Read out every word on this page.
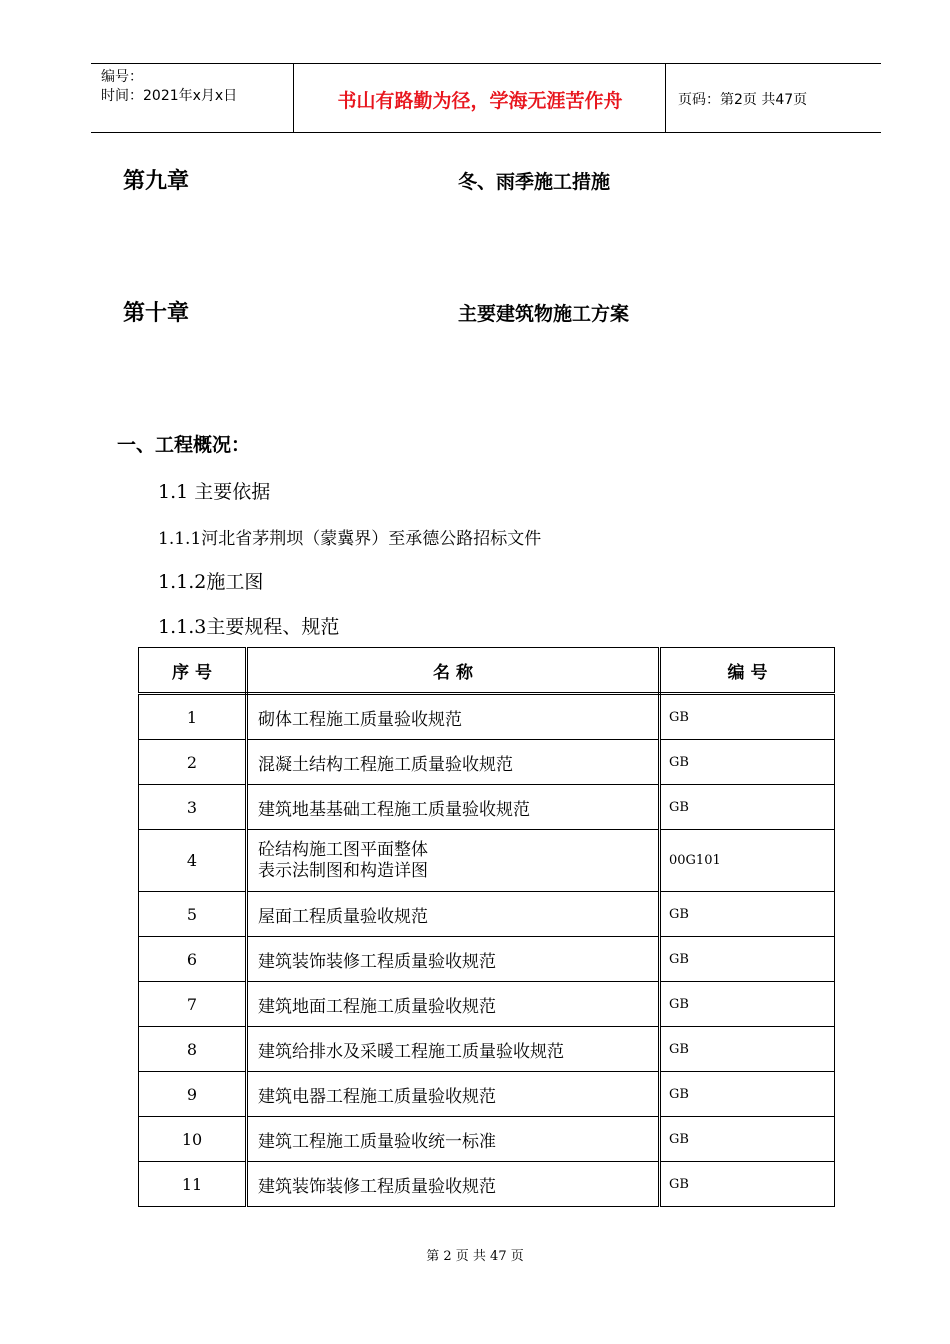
编号：
时间：2021年x月x日	书山有路勤为径，学海无涯苦作舟	页码：第2页 共47页
第九章	冬、雨季施工措施
第十章	主要建筑物施工方案
一、工程概况：
1.1 主要依据
1.1.1河北省茅荆坝（蒙冀界）至承德公路招标文件
1.1.2施工图
1.1.3主要规程、规范
序 号	名 称	编 号
1	砌体工程施工质量验收规范	GB
2	混凝土结构工程施工质量验收规范	GB
3	建筑地基基础工程施工质量验收规范	GB
4	砼结构施工图平面整体
表示法制图和构造详图	00G101
5	屋面工程质量验收规范	GB
6	建筑装饰装修工程质量验收规范	GB
7	建筑地面工程施工质量验收规范	GB
8	建筑给排水及采暖工程施工质量验收规范	GB
9	建筑电器工程施工质量验收规范	GB
10	建筑工程施工质量验收统一标准	GB
11	建筑装饰装修工程质量验收规范	GB
第 2 页 共 47 页
